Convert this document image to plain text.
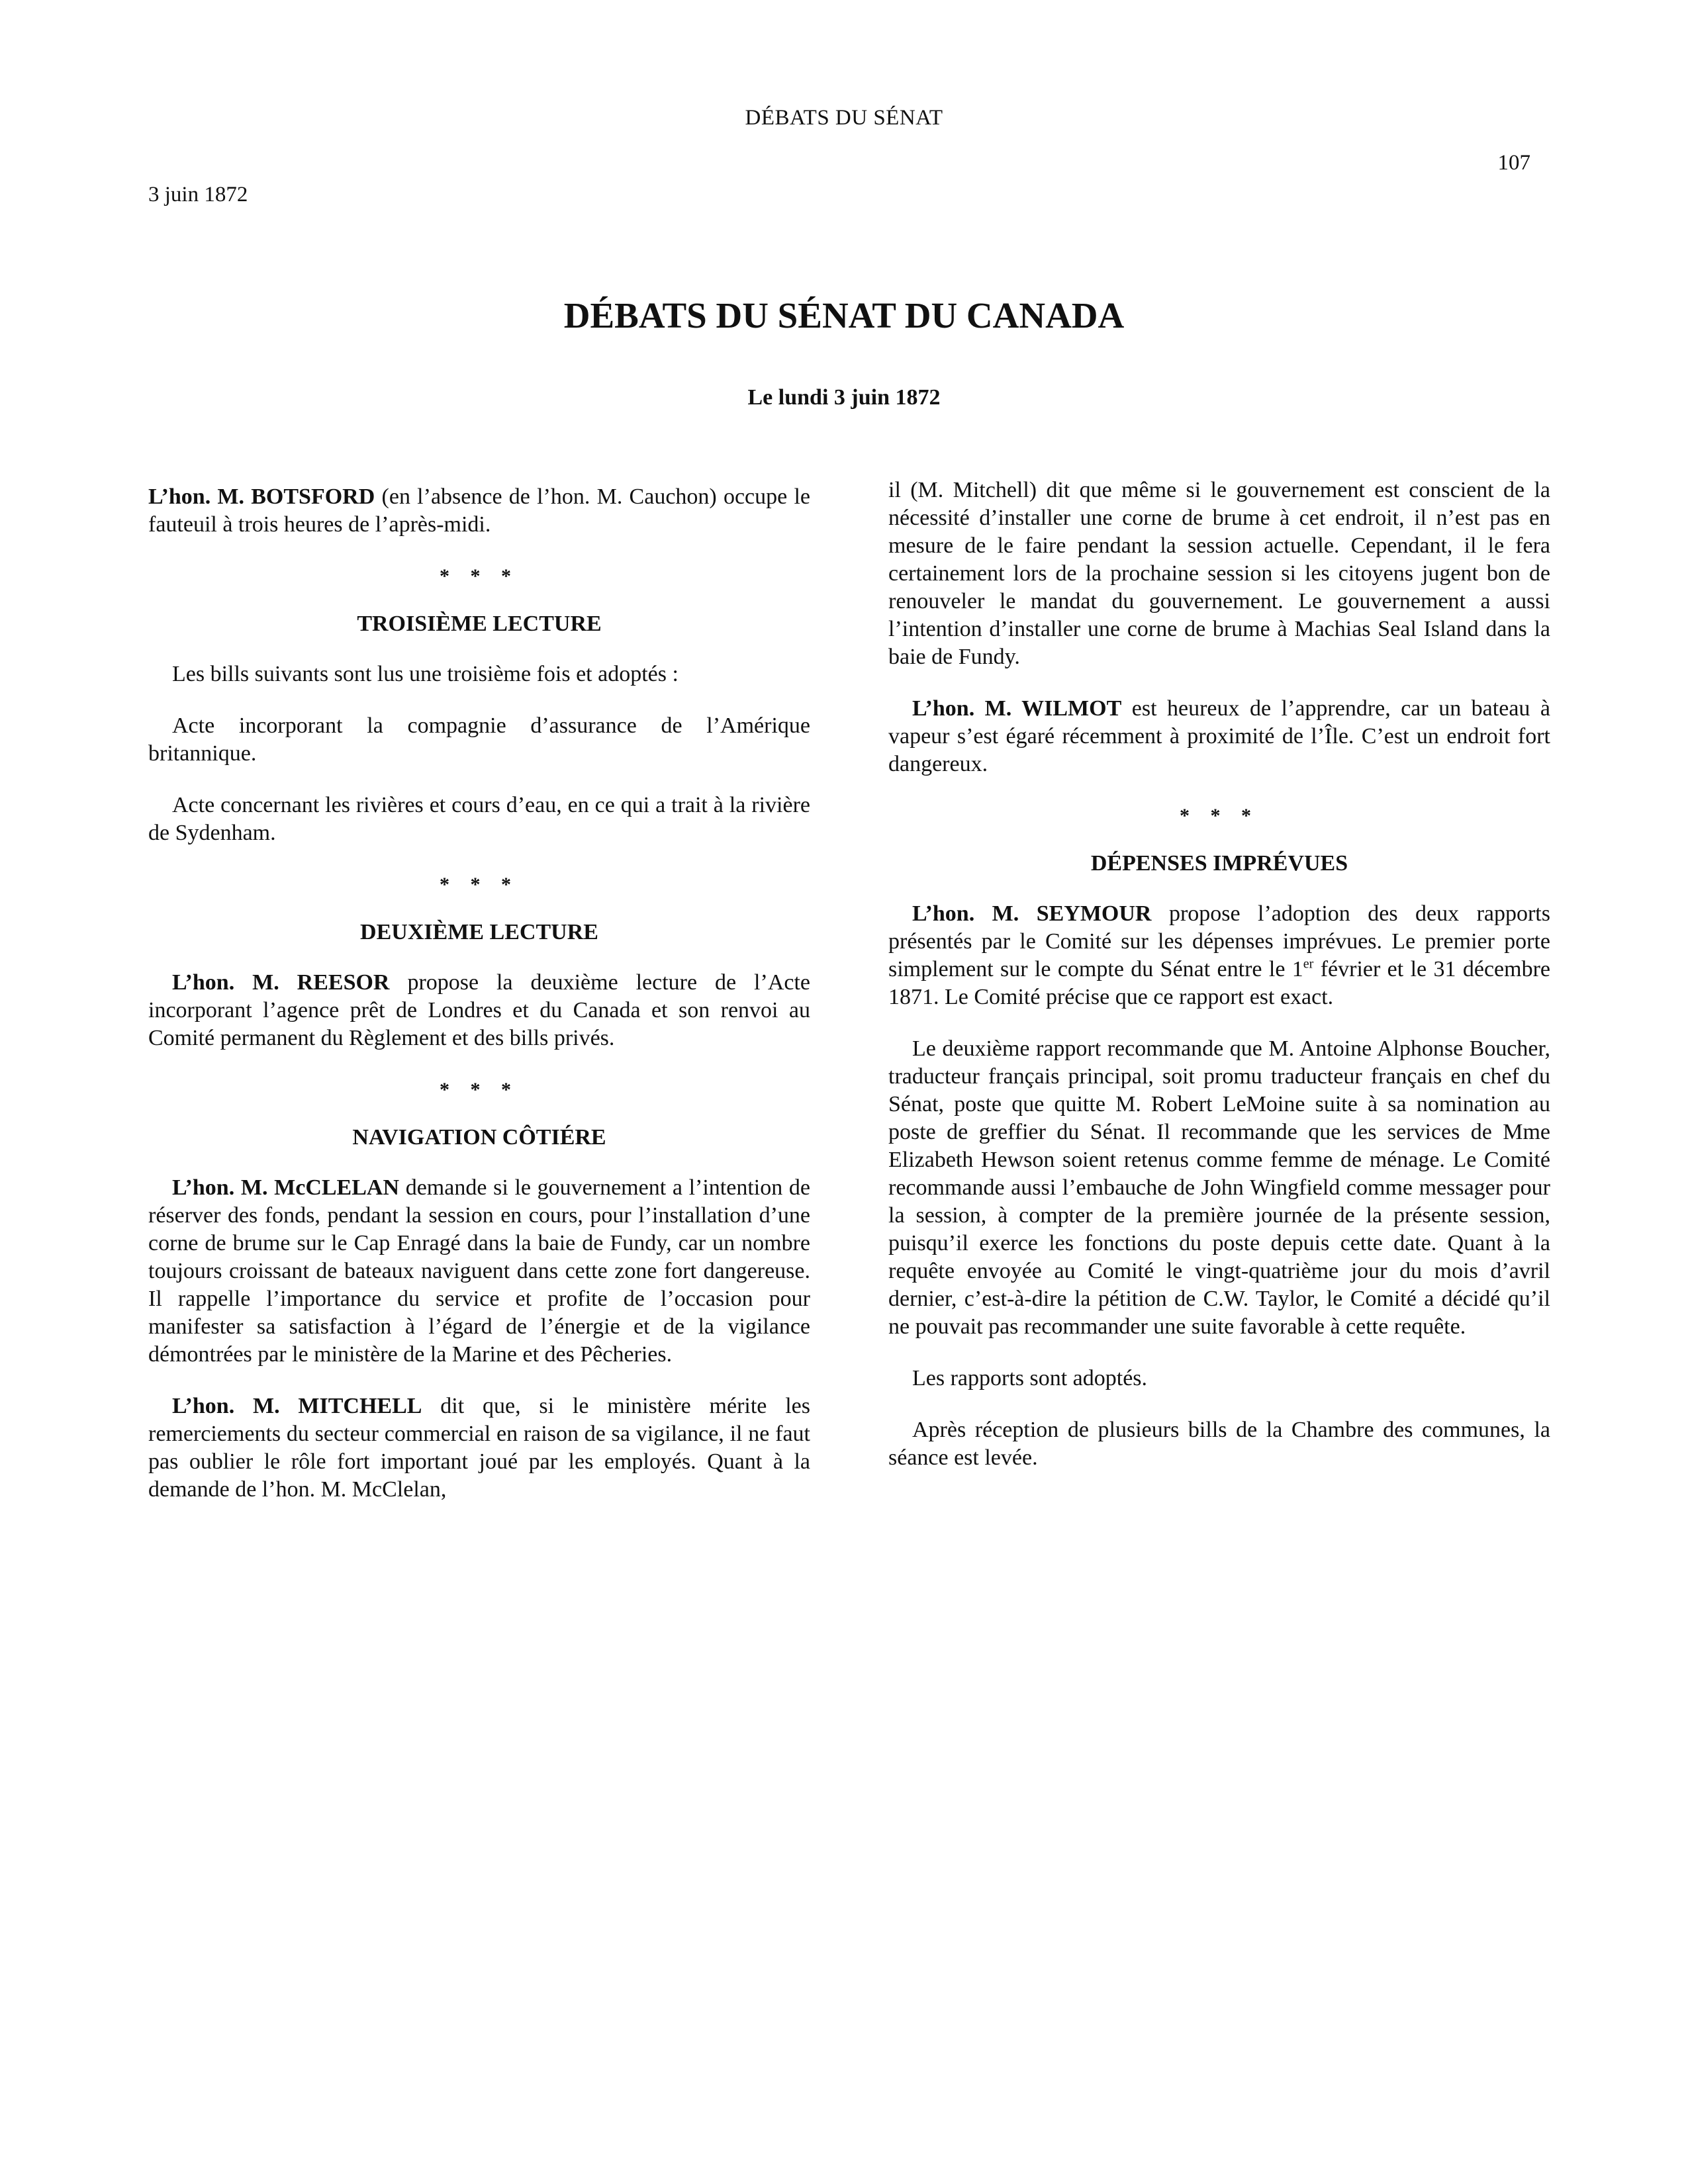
DÉBATS DU SÉNAT
107
3 juin 1872
DÉBATS DU SÉNAT DU CANADA
Le lundi 3 juin 1872

L’hon. M. BOTSFORD (en l’absence de l’hon. M. Cauchon) occupe le fauteuil à trois heures de l’après-midi.

* * *
TROISIÈME LECTURE

Les bills suivants sont lus une troisième fois et adoptés :

Acte incorporant la compagnie d’assurance de l’Amérique britannique.

Acte concernant les rivières et cours d’eau, en ce qui a trait à la rivière de Sydenham.

* * *
DEUXIÈME LECTURE

L’hon. M. REESOR propose la deuxième lecture de l’Acte incorporant l’agence prêt de Londres et du Canada et son renvoi au Comité permanent du Règlement et des bills privés.

* * *
NAVIGATION CÔTIÉRE

L’hon. M. McCLELAN demande si le gouvernement a l’intention de réserver des fonds, pendant la session en cours, pour l’installation d’une corne de brume sur le Cap Enragé dans la baie de Fundy, car un nombre toujours croissant de bateaux naviguent dans cette zone fort dangereuse. Il rappelle l’importance du service et profite de l’occasion pour manifester sa satisfaction à l’égard de l’énergie et de la vigilance démontrées par le ministère de la Marine et des Pêcheries.

L’hon. M. MITCHELL dit que, si le ministère mérite les remerciements du secteur commercial en raison de sa vigilance, il ne faut pas oublier le rôle fort important joué par les employés. Quant à la demande de l’hon. M. McClelan,

il (M. Mitchell) dit que même si le gouvernement est conscient de la nécessité d’installer une corne de brume à cet endroit, il n’est pas en mesure de le faire pendant la session actuelle. Cependant, il le fera certainement lors de la prochaine session si les citoyens jugent bon de renouveler le mandat du gouvernement. Le gouvernement a aussi l’intention d’installer une corne de brume à Machias Seal Island dans la baie de Fundy.

L’hon. M. WILMOT est heureux de l’apprendre, car un bateau à vapeur s’est égaré récemment à proximité de l’Île. C’est un endroit fort dangereux.

* * *
DÉPENSES IMPRÉVUES

L’hon. M. SEYMOUR propose l’adoption des deux rapports présentés par le Comité sur les dépenses imprévues. Le premier porte simplement sur le compte du Sénat entre le 1er février et le 31 décembre 1871. Le Comité précise que ce rapport est exact.

Le deuxième rapport recommande que M. Antoine Alphonse Boucher, traducteur français principal, soit promu traducteur français en chef du Sénat, poste que quitte M. Robert LeMoine suite à sa nomination au poste de greffier du Sénat. Il recommande que les services de Mme Elizabeth Hewson soient retenus comme femme de ménage. Le Comité recommande aussi l’embauche de John Wingfield comme messager pour la session, à compter de la première journée de la présente session, puisqu’il exerce les fonctions du poste depuis cette date. Quant à la requête envoyée au Comité le vingt-quatrième jour du mois d’avril dernier, c’est-à-dire la pétition de C.W. Taylor, le Comité a décidé qu’il ne pouvait pas recommander une suite favorable à cette requête.

Les rapports sont adoptés.

Après réception de plusieurs bills de la Chambre des communes, la séance est levée.
